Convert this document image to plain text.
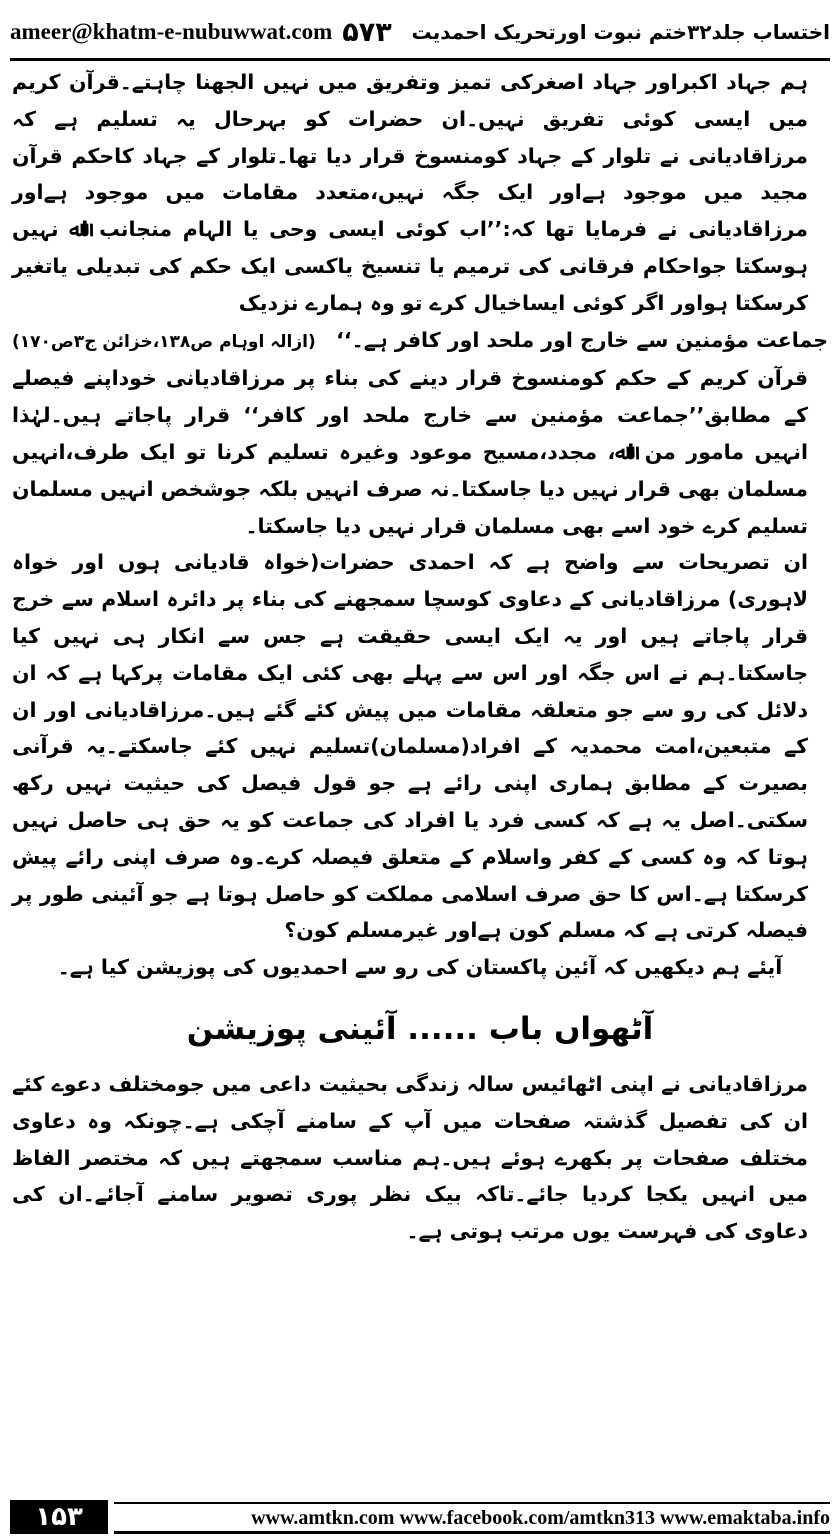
ameer@khatm-e-nubuwwat.com ۵۷۳ اختساب جلد۳۲ختم نبوت اورتحریک احمدیت

ہم جہاد اکبراور جہاد اصغرکی تمیز وتفریق میں نہیں الجھنا چاہتے۔قرآن کریم میں ایسی کوئی تفریق نہیں۔ان حضرات کو بہرحال یہ تسلیم ہے کہ مرزاقادیانی نے تلوار کے جہاد کومنسوخ قرار دیا تھا۔تلوار کے جہاد کاحکم قرآن مجید میں موجود ہےاور ایک جگہ نہیں،متعدد مقامات میں موجود ہےاور مرزاقادیانی نے فرمایا تھا کہ:’’اب کوئی ایسی وحی یا الہام منجانب اﷲ نہیں ہوسکتا جواحکام فرقانی کی ترمیم یا تنسیخ یاکسی ایک حکم کی تبدیلی یاتغیر کرسکتا ہواور اگر کوئی ایساخیال کرے تو وہ ہمارے نزدیک

جماعت مؤمنین سے خارج اور ملحد اور کافر ہے۔‘‘
(ازالہ اوہام ص۱۳۸،خزائن ج۳ص۱۷۰)

قرآن کریم کے حکم کومنسوخ قرار دینے کی بناء پر مرزاقادیانی خوداپنے فیصلے کے مطابق’’جماعت مؤمنین سے خارج ملحد اور کافر‘‘ قرار پاجاتے ہیں۔لہٰذا انہیں مامور من اﷲ، مجدد،مسیح موعود وغیرہ تسلیم کرنا تو ایک طرف،انہیں مسلمان بھی قرار نہیں دیا جاسکتا۔نہ صرف انہیں بلکہ جوشخص انہیں مسلمان تسلیم کرے خود اسے بھی مسلمان قرار نہیں دیا جاسکتا۔

ان تصریحات سے واضح ہے کہ احمدی حضرات(خواہ قادیانی ہوں اور خواہ لاہوری) مرزاقادیانی کے دعاوی کوسچا سمجھنے کی بناء پر دائرہ اسلام سے خرج قرار پاجاتے ہیں اور یہ ایک ایسی حقیقت ہے جس سے انکار ہی نہیں کیا جاسکتا۔ہم نے اس جگہ اور اس سے پہلے بھی کئی ایک مقامات پرکہا ہے کہ ان دلائل کی رو سے جو متعلقہ مقامات میں پیش کئے گئے ہیں۔مرزاقادیانی اور ان کے متبعین،امت محمدیہ کے افراد(مسلمان)تسلیم نہیں کئے جاسکتے۔یہ قرآنی بصیرت کے مطابق ہماری اپنی رائے ہے جو قول فیصل کی حیثیت نہیں رکھ سکتی۔اصل یہ ہے کہ کسی فرد یا افراد کی جماعت کو یہ حق ہی حاصل نہیں ہوتا کہ وہ کسی کے کفر واسلام کے متعلق فیصلہ کرے۔وہ صرف اپنی رائے پیش کرسکتا ہے۔اس کا حق صرف اسلامی مملکت کو حاصل ہوتا ہے جو آئینی طور پر فیصلہ کرتی ہے کہ مسلم کون ہےاور غیرمسلم کون؟

آیئے ہم دیکھیں کہ آئین پاکستان کی رو سے احمدیوں کی پوزیشن کیا ہے۔

آٹھواں باب ...... آئینی پوزیشن

مرزاقادیانی نے اپنی اٹھائیس سالہ زندگی بحیثیت داعی میں جومختلف دعوے کئے ان کی تفصیل گذشتہ صفحات میں آپ کے سامنے آچکی ہے۔چونکہ وہ دعاوی مختلف صفحات پر بکھرے ہوئے ہیں۔ہم مناسب سمجھتے ہیں کہ مختصر الفاظ میں انہیں یکجا کردیا جائے۔تاکہ بیک نظر پوری تصویر سامنے آجائے۔ان کی دعاوی کی فہرست یوں مرتب ہوتی ہے۔

۱۵۳	www.amtkn.com www.facebook.com/amtkn313 www.emaktaba.info
